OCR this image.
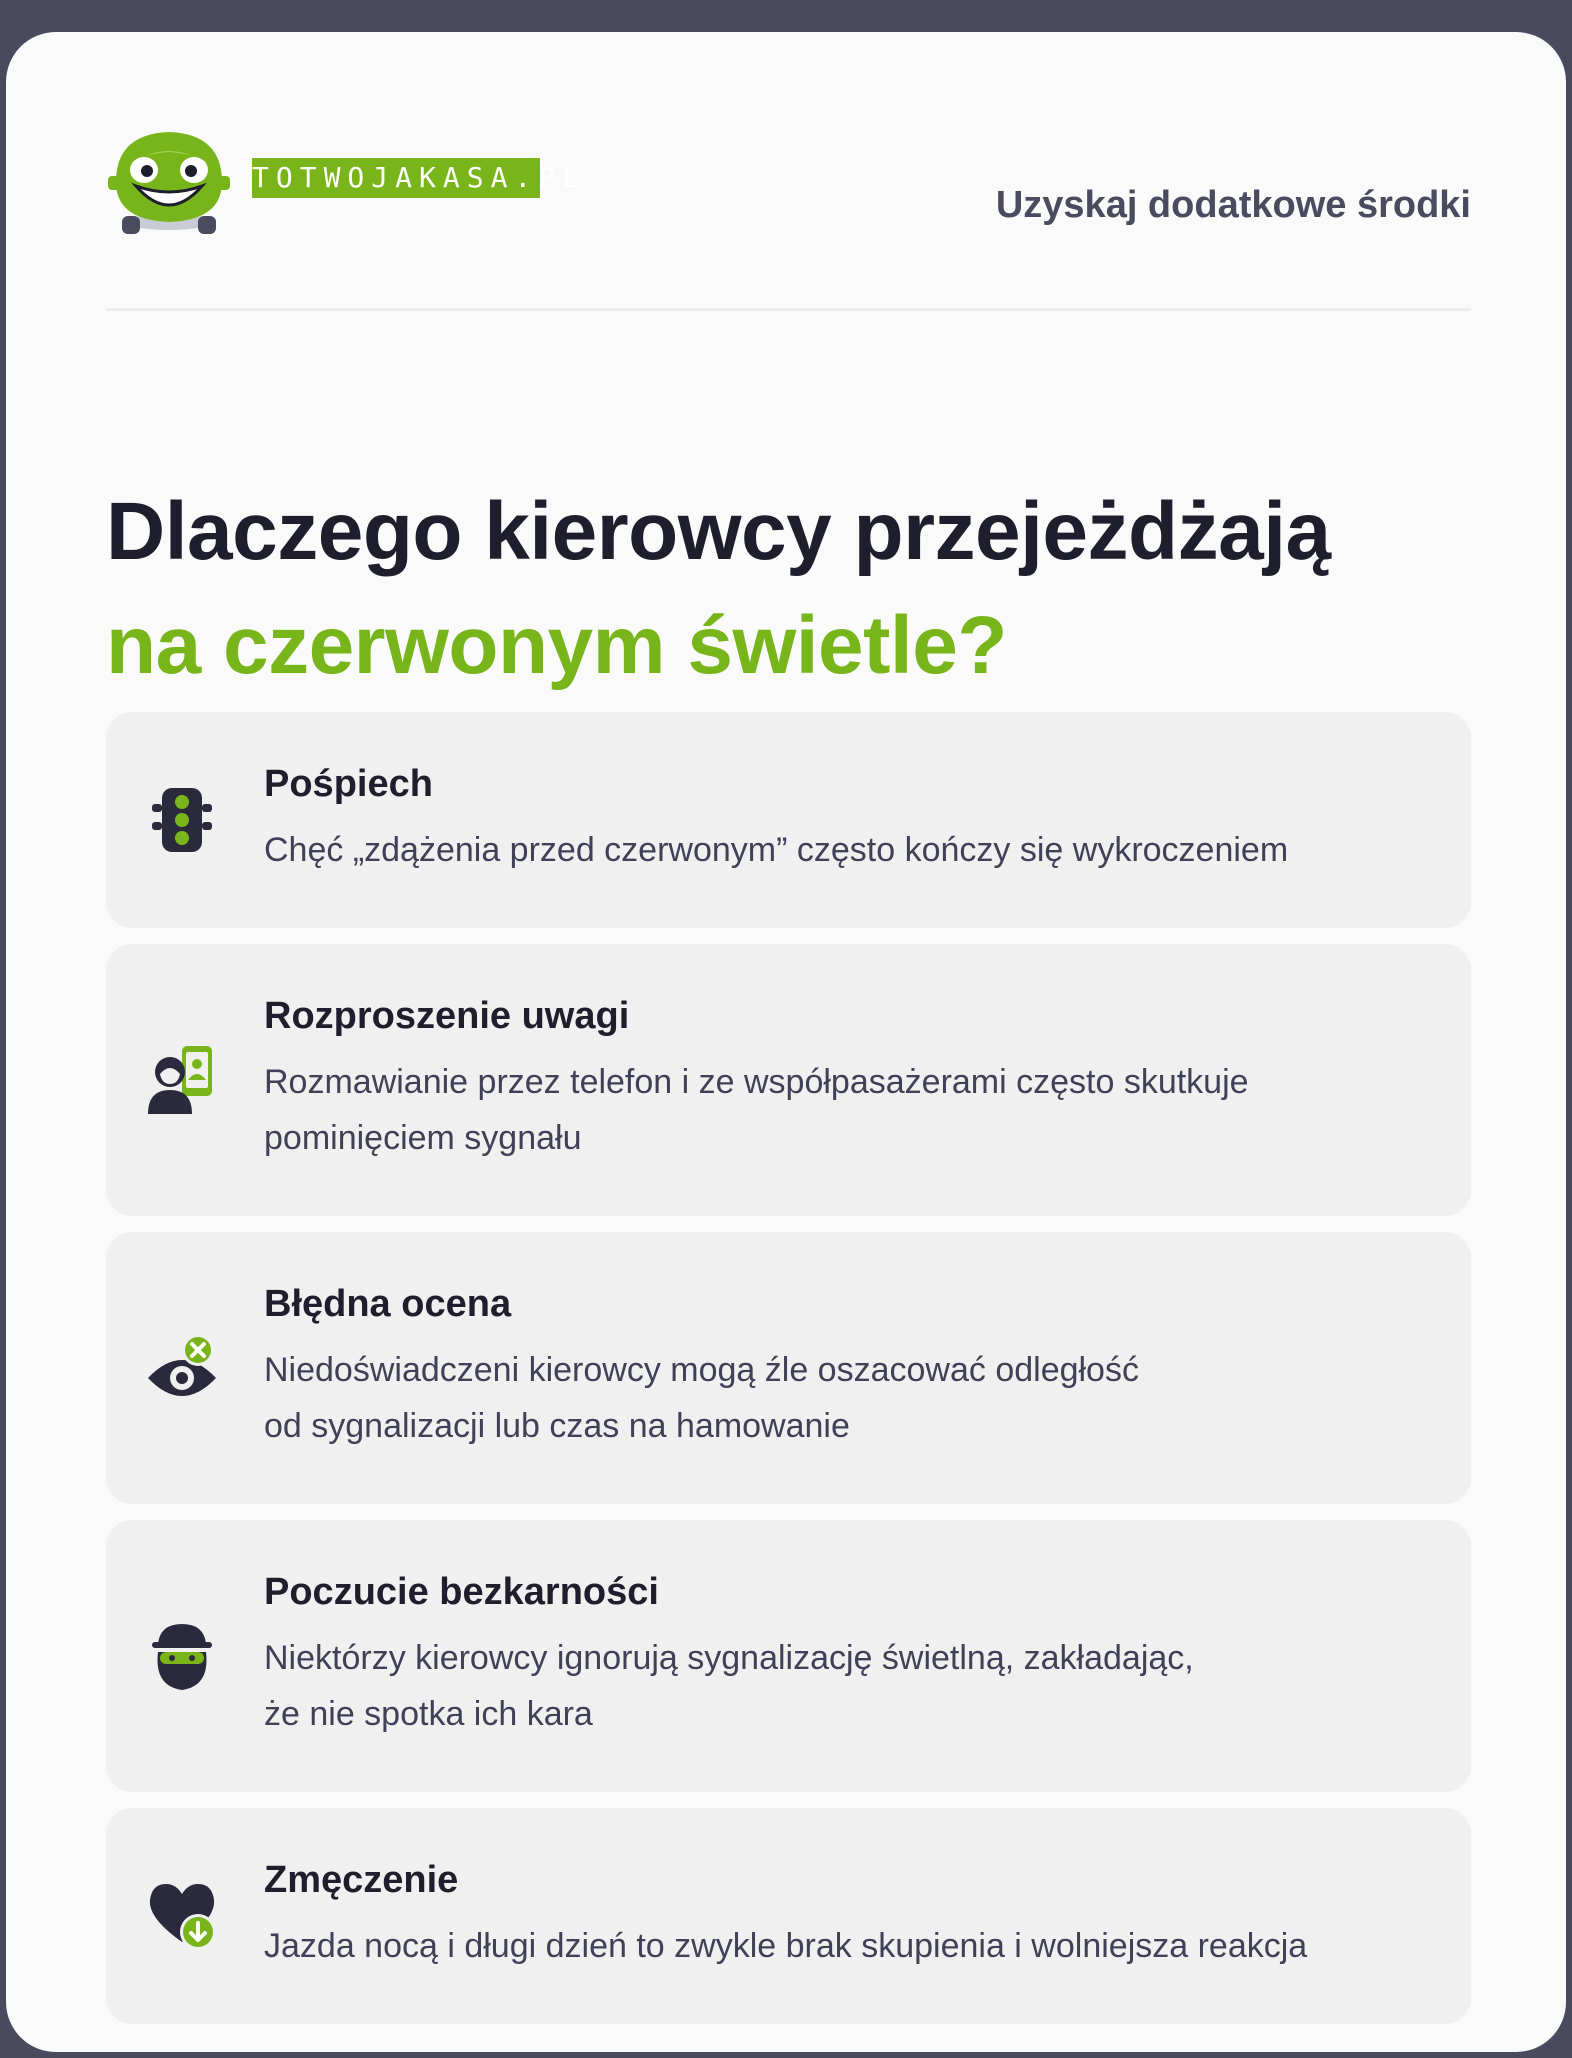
TOTWOJAKASA.PL
Uzyskaj dodatkowe środki
Dlaczego kierowcy przejeżdżają
na czerwonym świetle?
Pośpiech

Chęć „zdążenia przed czerwonym” często kończy się wykroczeniem

Rozproszenie uwagi

Rozmawianie przez telefon i ze współpasażerami często skutkuje
pominięciem sygnału

Błędna ocena

Niedoświadczeni kierowcy mogą źle oszacować odległość
od sygnalizacji lub czas na hamowanie

Poczucie bezkarności

Niektórzy kierowcy ignorują sygnalizację świetlną, zakładając,
że nie spotka ich kara

Zmęczenie

Jazda nocą i długi dzień to zwykle brak skupienia i wolniejsza reakcja
